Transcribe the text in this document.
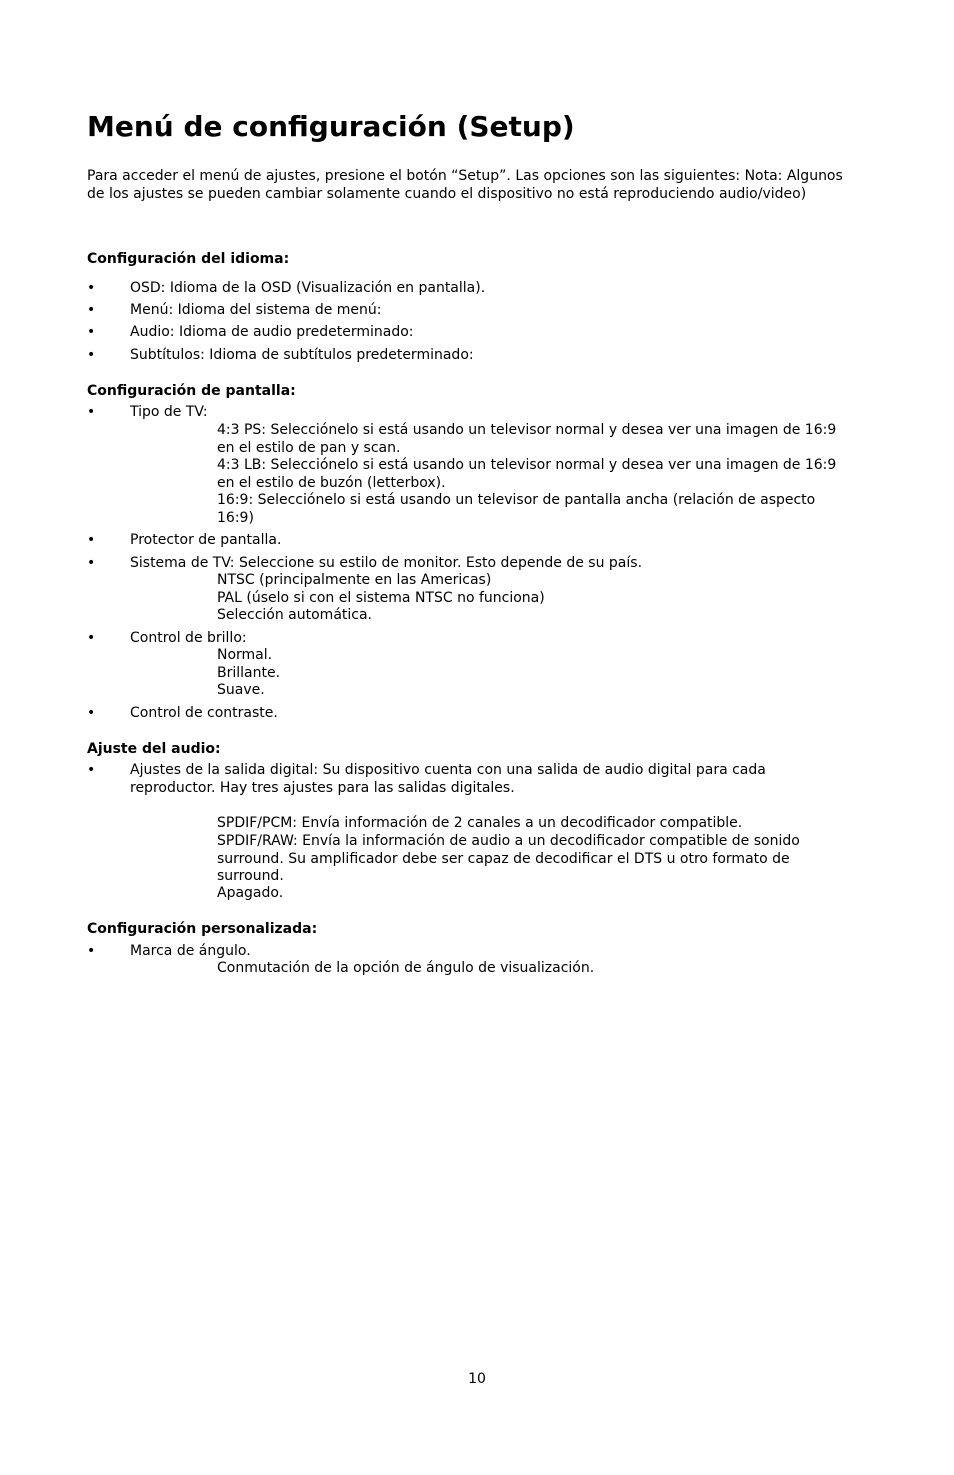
Menú de configuración (Setup)

Para acceder el menú de ajustes, presione el botón “Setup”. Las opciones son las siguientes: Nota: Algunos de los ajustes se pueden cambiar solamente cuando el dispositivo no está reproduciendo audio/video)

Configuración del idioma:

• OSD: Idioma de la OSD (Visualización en pantalla).

• Menú: Idioma del sistema de menú:

• Audio: Idioma de audio predeterminado:

• Subtítulos: Idioma de subtítulos predeterminado:

Configuración de pantalla:

• Tipo de TV:

4:3 PS: Selecciónelo si está usando un televisor normal y desea ver una imagen de 16:9 en el estilo de pan y scan.

4:3 LB: Selecciónelo si está usando un televisor normal y desea ver una imagen de 16:9 en el estilo de buzón (letterbox).

16:9: Selecciónelo si está usando un televisor de pantalla ancha (relación de aspecto 16:9)

• Protector de pantalla.

• Sistema de TV: Seleccione su estilo de monitor. Esto depende de su país.

NTSC (principalmente en las Americas)

PAL (úselo si con el sistema NTSC no funciona)

Selección automática.

• Control de brillo:

Normal.

Brillante.

Suave.

• Control de contraste.

Ajuste del audio:

• Ajustes de la salida digital: Su dispositivo cuenta con una salida de audio digital para cada reproductor. Hay tres ajustes para las salidas digitales.

SPDIF/PCM: Envía información de 2 canales a un decodificador compatible.

SPDIF/RAW: Envía la información de audio a un decodificador compatible de sonido surround. Su amplificador debe ser capaz de decodificar el DTS u otro formato de surround.

Apagado.

Configuración personalizada:

• Marca de ángulo.

Conmutación de la opción de ángulo de visualización.

10
